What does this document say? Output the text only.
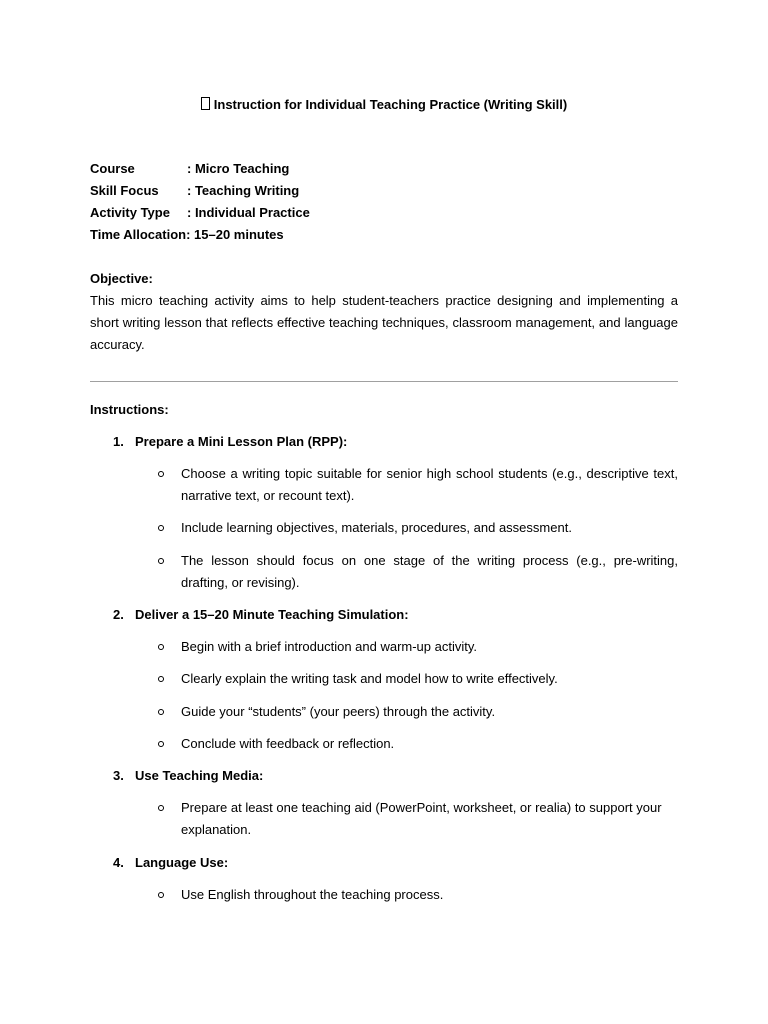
Instruction for Individual Teaching Practice (Writing Skill)
Course	: Micro Teaching
Skill Focus : Teaching Writing
Activity Type : Individual Practice
Time Allocation: 15–20 minutes
Objective:
This micro teaching activity aims to help student-teachers practice designing and implementing a short writing lesson that reflects effective teaching techniques, classroom management, and language accuracy.
Instructions:
1. Prepare a Mini Lesson Plan (RPP):
Choose a writing topic suitable for senior high school students (e.g., descriptive text, narrative text, or recount text).
Include learning objectives, materials, procedures, and assessment.
The lesson should focus on one stage of the writing process (e.g., pre-writing, drafting, or revising).
2. Deliver a 15–20 Minute Teaching Simulation:
Begin with a brief introduction and warm-up activity.
Clearly explain the writing task and model how to write effectively.
Guide your “students” (your peers) through the activity.
Conclude with feedback or reflection.
3. Use Teaching Media:
Prepare at least one teaching aid (PowerPoint, worksheet, or realia) to support your explanation.
4. Language Use:
Use English throughout the teaching process.
